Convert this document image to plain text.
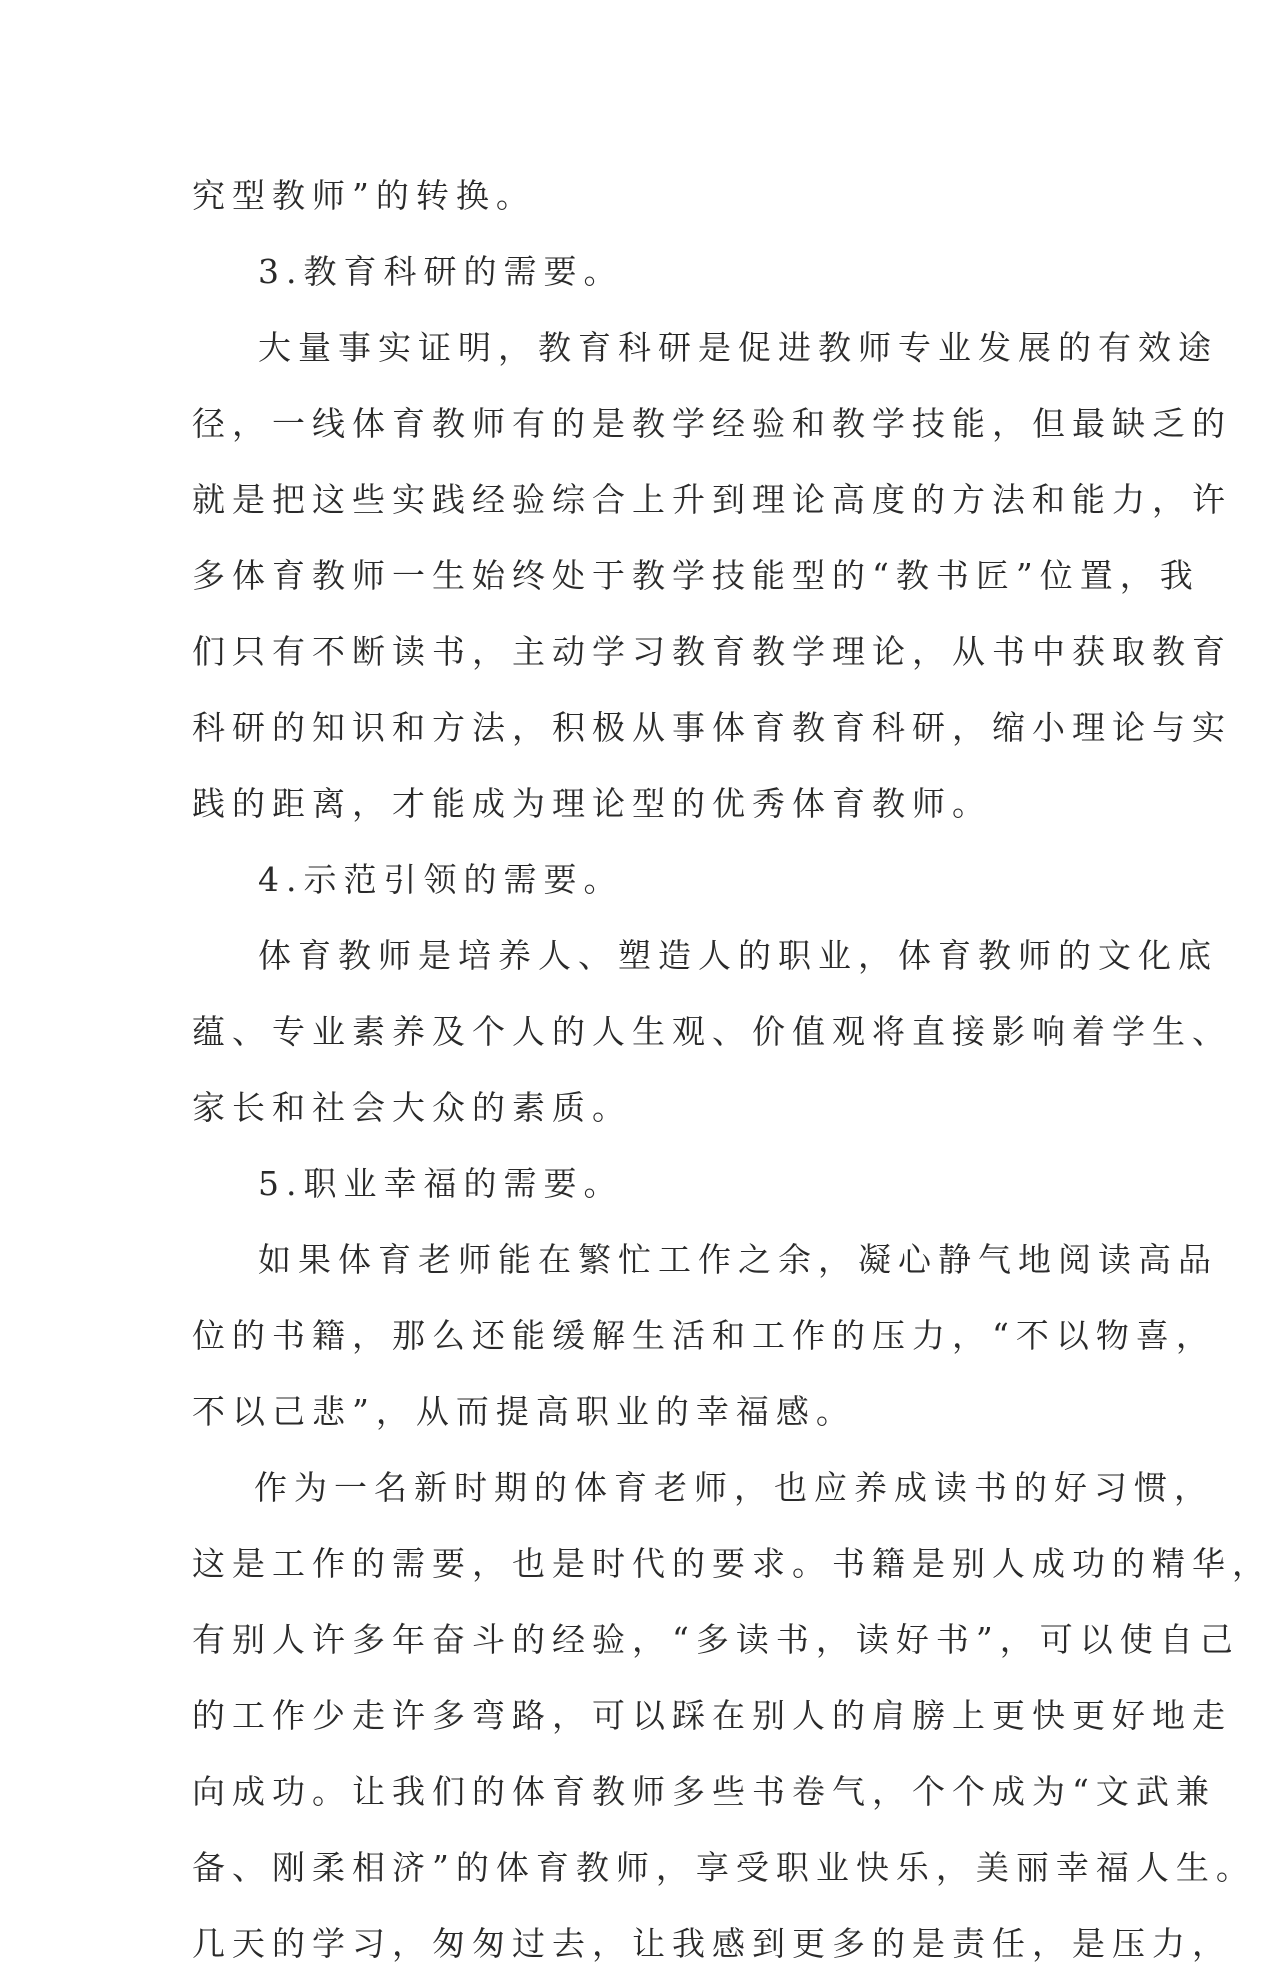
究型教师”的转换。
3.教育科研的需要。
大量事实证明，教育科研是促进教师专业发展的有效途
径，一线体育教师有的是教学经验和教学技能，但最缺乏的
就是把这些实践经验综合上升到理论高度的方法和能力，许
多体育教师一生始终处于教学技能型的“教书匠”位置，我
们只有不断读书，主动学习教育教学理论，从书中获取教育
科研的知识和方法，积极从事体育教育科研，缩小理论与实
践的距离，才能成为理论型的优秀体育教师。
4.示范引领的需要。
体育教师是培养人、塑造人的职业，体育教师的文化底
蕴、专业素养及个人的人生观、价值观将直接影响着学生、
家长和社会大众的素质。
5.职业幸福的需要。
如果体育老师能在繁忙工作之余，凝心静气地阅读高品
位的书籍，那么还能缓解生活和工作的压力，“不以物喜，
不以己悲”，从而提高职业的幸福感。
作为一名新时期的体育老师，也应养成读书的好习惯，
这是工作的需要，也是时代的要求。书籍是别人成功的精华，
有别人许多年奋斗的经验，“多读书，读好书”，可以使自己
的工作少走许多弯路，可以踩在别人的肩膀上更快更好地走
向成功。让我们的体育教师多些书卷气，个个成为“文武兼
备、刚柔相济”的体育教师，享受职业快乐，美丽幸福人生。
几天的学习，匆匆过去，让我感到更多的是责任，是压力，
